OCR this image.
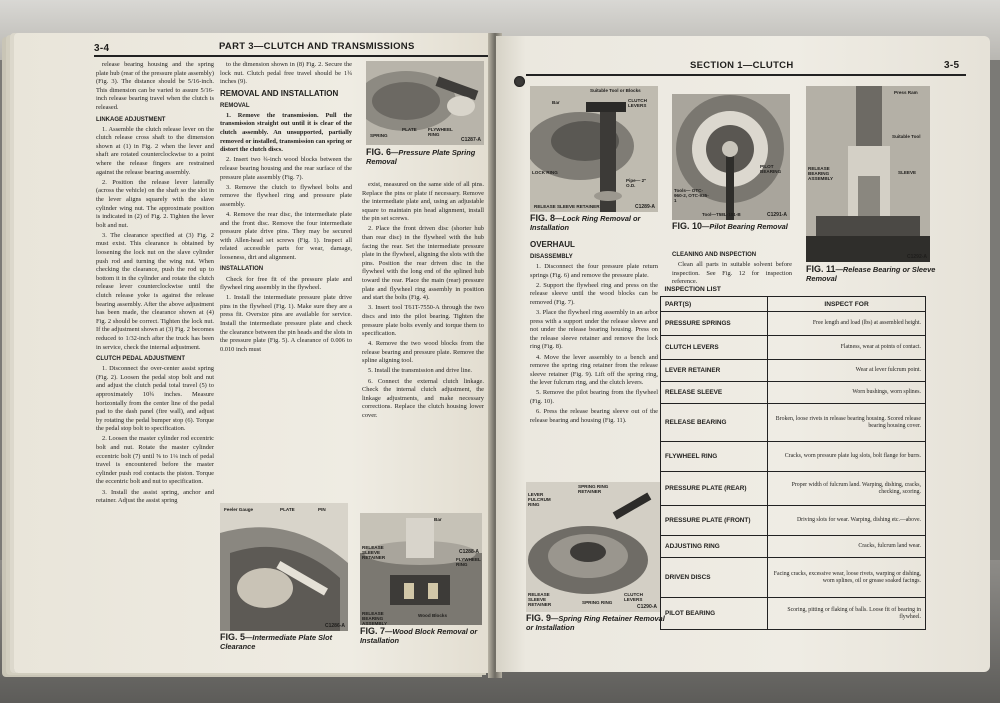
3-4	PART 3—CLUTCH AND TRANSMISSIONS

release bearing housing and the spring plate hub (rear of the pressure plate assembly) (Fig. 3). The distance should be 5/16-inch. This dimension can be varied to assure 5/16-inch release bearing travel when the clutch is released.

LINKAGE ADJUSTMENT

1. Assemble the clutch release lever on the clutch release cross shaft to the dimension shown at (1) in Fig. 2 when the lever and shaft are rotated counterclockwise to a point where the release fingers are restrained against the release bearing assembly.

2. Position the release lever laterally (across the vehicle) on the shaft so the slot in the lever aligns squarely with the slave cylinder wing nut. The approximate position is indicated in (2) of Fig. 2. Tighten the lever bolt and nut.

3. The clearance specified at (3) Fig. 2 must exist. This clearance is obtained by loosening the lock nut on the slave cylinder push rod and turning the wing nut. When checking the clearance, push the rod up to bottom it in the cylinder and rotate the clutch release lever counterclockwise until the clutch release yoke is against the release bearing assembly. After the above adjustment has been made, the clearance shown at (4) Fig. 2 should be correct. Tighten the lock nut. If the adjustment shown at (3) Fig. 2 becomes reduced to 1/32-inch after the truck has been in service, check the internal adjustment.

CLUTCH PEDAL ADJUSTMENT

1. Disconnect the over-center assist spring (Fig. 2). Loosen the pedal stop bolt and nut and adjust the clutch pedal total travel (5) to approximately 10¾ inches. Measure horizontally from the center line of the pedal pad to the dash panel (fire wall), and adjust by rotating the pedal bumper stop (6). Torque the pedal stop bolt to specification.

2. Loosen the master cylinder rod eccentric bolt and nut. Rotate the master cylinder eccentric bolt (7) until ⅝ to 1¼ inch of pedal travel is encountered before the master cylinder push rod contacts the piston. Torque the eccentric bolt and nut to specification.

3. Install the assist spring, anchor and retainer. Adjust the assist spring

to the dimension shown in (8) Fig. 2. Secure the lock nut. Clutch pedal free travel should be 1¾ inches (9).

REMOVAL AND INSTALLATION

REMOVAL

1. Remove the transmission. Pull the transmission straight out until it is clear of the clutch assembly. An unsupported, partially removed or installed, transmission can spring or distort the clutch discs.

2. Insert two ¾-inch wood blocks between the release bearing housing and the rear surface of the pressure plate assembly (Fig. 7).

3. Remove the clutch to flywheel bolts and remove the flywheel ring and pressure plate assembly.

4. Remove the rear disc, the intermediate plate and the front disc. Remove the four intermediate pressure plate drive pins. They may be secured with Allen-head set screws (Fig. 1). Inspect all related accessible parts for wear, damage, looseness, dirt and alignment.

INSTALLATION

Check for free fit of the pressure plate and flywheel ring assembly in the flywheel.

1. Install the intermediate pressure plate drive pins in the flywheel (Fig. 1). Make sure they are a press fit. Oversize pins are available for service. Install the intermediate pressure plate and check the clearance between the pin heads and the slots in the pressure plate (Fig. 5). A clearance of 0.006 to 0.010 inch must

exist, measured on the same side of all pins. Replace the pins or plate if necessary. Remove the intermediate plate and, using an adjustable square to maintain pin head alignment, install the pin set screws.

2. Place the front driven disc (shorter hub than rear disc) in the flywheel with the hub facing the rear. Set the intermediate pressure plate in the flywheel, aligning the slots with the pins. Position the rear driven disc in the flywheel with the long end of the splined hub toward the rear. Place the main (rear) pressure plate and flywheel ring assembly in position and start the bolts (Fig. 4).

3. Insert tool T61T-7550-A through the two discs and into the pilot bearing. Tighten the pressure plate bolts evenly and torque them to specification.

4. Remove the two wood blocks from the release bearing and pressure plate. Remove the spline aligning tool.

5. Install the transmission and drive line.

6. Connect the external clutch linkage. Check the internal clutch adjustment, the linkage adjustments, and make necessary corrections. Replace the clutch housing lower cover.

SPRING
PLATE FLYWHEEL RING
C1287-A
FIG. 6—Pressure Plate Spring Removal
Feeler Gauge	PLATE	PIN
C1286-A
FIG. 5—Intermediate Plate Slot Clearance
RELEASE SLEEVE RETAINER
Bar
FLYWHEEL RING
RELEASE BEARING ASSEMBLY
Wood Blocks
C1288-A
FIG. 7—Wood Block Removal or Installation
SECTION 1—CLUTCH	3-5
Suitable Tool or Blocks
Bar	CLUTCH LEVERS
LOCK RING
Pipe— 2" O.D.
RELEASE SLEEVE RETAINER	C1289-A
FIG. 8—Lock Ring Removal or Installation
Tools— OTC-960-2, OTC-935-1
PILOT BEARING
Tool—T58L-101-B	C1291-A
FIG. 10—Pilot Bearing Removal
Press Ram
Suitable Tool
RELEASE BEARING ASSEMBLY
SLEEVE
C1292-A
FIG. 11—Release Bearing or Sleeve Removal

OVERHAUL

DISASSEMBLY

1. Disconnect the four pressure plate return springs (Fig. 6) and remove the pressure plate.

2. Support the flywheel ring and press on the release sleeve until the wood blocks can be removed (Fig. 7).

3. Place the flywheel ring assembly in an arbor press with a support under the release sleeve and not under the release bearing housing. Press on the release sleeve retainer and remove the lock ring (Fig. 8).

4. Move the lever assembly to a bench and remove the spring ring retainer from the release sleeve retainer (Fig. 9). Lift off the spring ring, the lever fulcrum ring, and the clutch levers.

5. Remove the pilot bearing from the flywheel (Fig. 10).

6. Press the release bearing sleeve out of the release bearing and housing (Fig. 11).

SPRING RING RETAINER
LEVER FULCRUM RING
RELEASE SLEEVE RETAINER	SPRING RING
CLUTCH LEVERS
C1290-A
FIG. 9—Spring Ring Retainer Removal or Installation

CLEANING AND INSPECTION

Clean all parts in suitable solvent before inspection. See Fig. 12 for inspection reference.

INSPECTION LIST	
PART(S)	INSPECT FOR
PRESSURE SPRINGS	Free length and load (lbs) at assembled height.
CLUTCH LEVERS	Flatness, wear at points of contact.
LEVER RETAINER	Wear at lever fulcrum point.
RELEASE SLEEVE	Worn bushings, worn splines.
RELEASE BEARING	Broken, loose rivets in release bearing housing. Scored release bearing housing cover.
FLYWHEEL RING	Cracks, worn pressure plate lug slots, bolt flange for burrs.
PRESSURE PLATE (REAR)	Proper width of fulcrum land. Warping, dishing, cracks, checking, scoring.
PRESSURE PLATE (FRONT)	Driving slots for wear. Warping, dishing etc.—above.
ADJUSTING RING	Cracks, fulcrum land wear.
DRIVEN DISCS	Facing cracks, excessive wear, loose rivets, warping or dishing, worn splines, oil or grease soaked facings.
PILOT BEARING	Scoring, pitting or flaking of balls. Loose fit of bearing in flywheel.
